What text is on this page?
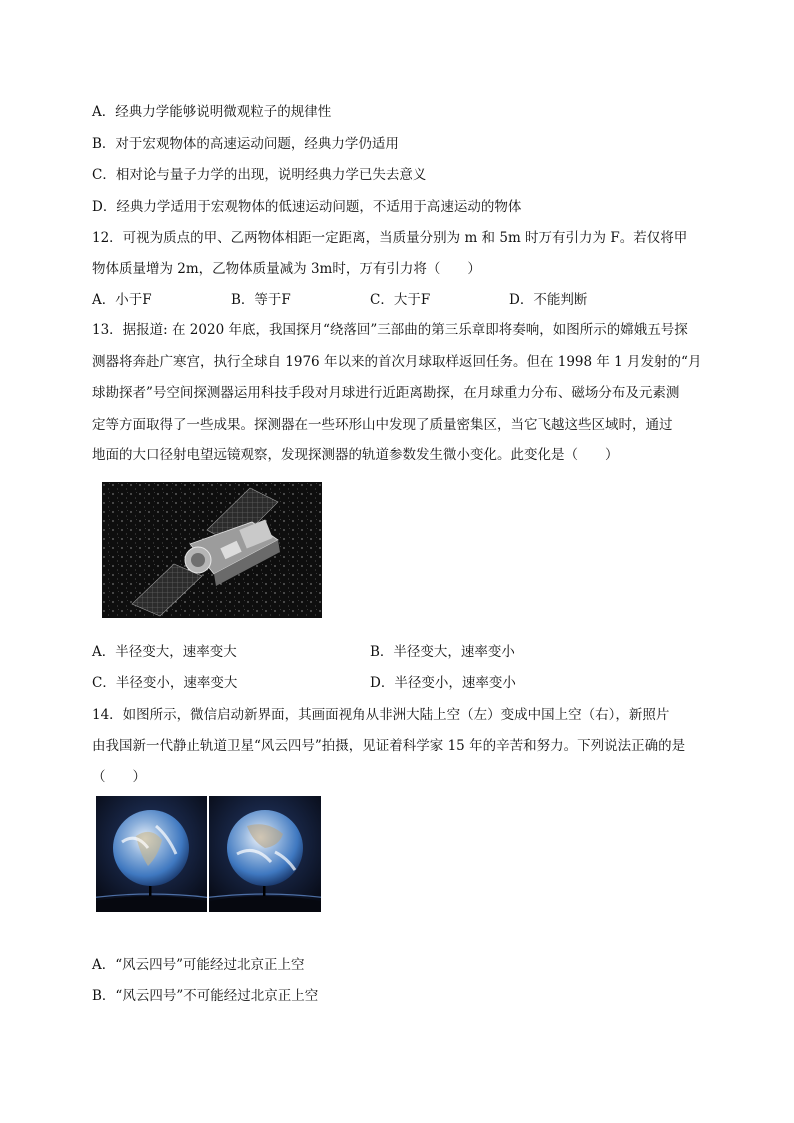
A．经典力学能够说明微观粒子的规律性
B．对于宏观物体的高速运动问题，经典力学仍适用
C．相对论与量子力学的出现，说明经典力学已失去意义
D．经典力学适用于宏观物体的低速运动问题，不适用于高速运动的物体
12．可视为质点的甲、乙两物体相距一定距离，当质量分别为 m 和 5m 时万有引力为 F。若仅将甲
物体质量增为 2m，乙物体质量减为 3m时，万有引力将（　　）
A．小于F	B．等于F	C．大于F	D．不能判断
13．据报道: 在 2020 年底，我国探月“绕落回”三部曲的第三乐章即将奏响，如图所示的嫦娥五号探
测器将奔赴广寒宫，执行全球自 1976 年以来的首次月球取样返回任务。但在 1998 年 1 月发射的“月
球勘探者”号空间探测器运用科技手段对月球进行近距离勘探，在月球重力分布、磁场分布及元素测
定等方面取得了一些成果。探测器在一些环形山中发现了质量密集区，当它飞越这些区域时，通过
地面的大口径射电望远镜观察，发现探测器的轨道参数发生微小变化。此变化是（　　）
A．半径变大，速率变大	B．半径变大，速率变小
C．半径变小，速率变大	D．半径变小，速率变小
14．如图所示，微信启动新界面，其画面视角从非洲大陆上空（左）变成中国上空（右），新照片
由我国新一代静止轨道卫星“风云四号”拍摄，见证着科学家 15 年的辛苦和努力。下列说法正确的是
（　　）
A．“风云四号”可能经过北京正上空
B．“风云四号”不可能经过北京正上空
